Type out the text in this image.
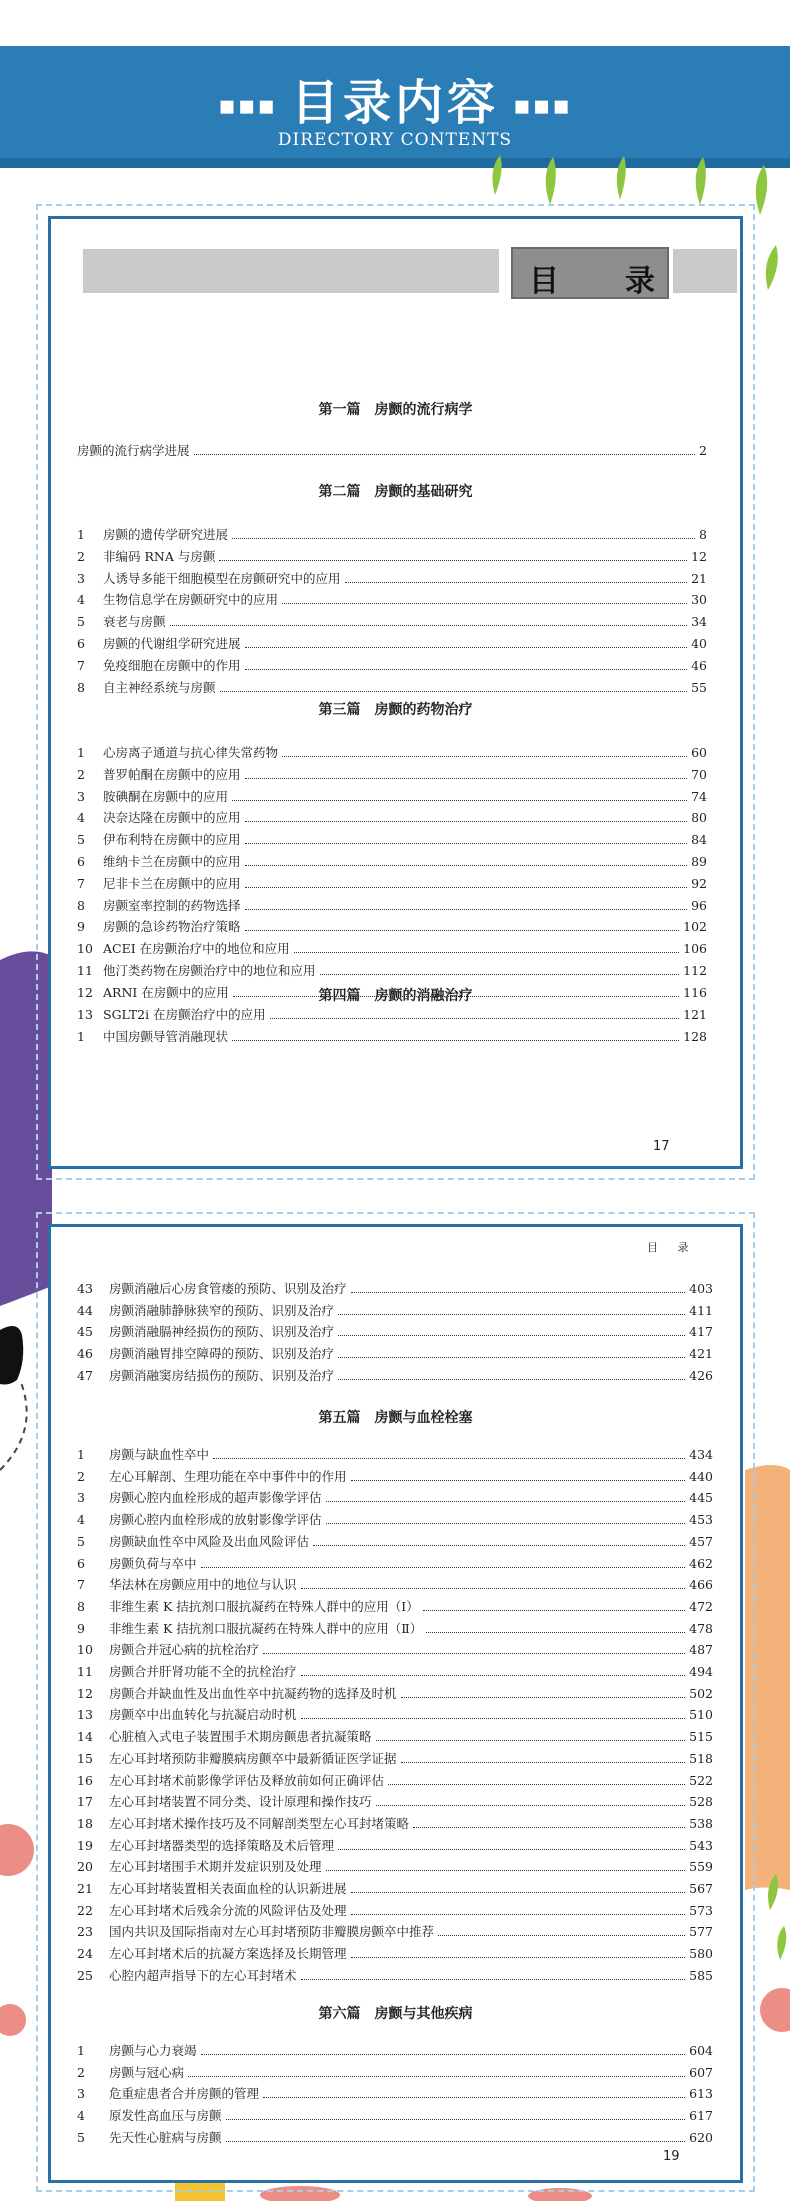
▪▪▪ 目录内容 ▪▪▪
DIRECTORY CONTENTS
目 录
第一篇　房颤的流行病学
房颤的流行病学进展	2
第二篇　房颤的基础研究
1	房颤的遗传学研究进展	8
2	非编码 RNA 与房颤	12
3	人诱导多能干细胞模型在房颤研究中的应用	21
4	生物信息学在房颤研究中的应用	30
5	衰老与房颤	34
6	房颤的代谢组学研究进展	40
7	免疫细胞在房颤中的作用	46
8	自主神经系统与房颤	55
第三篇　房颤的药物治疗
1	心房离子通道与抗心律失常药物	60
2	普罗帕酮在房颤中的应用	70
3	胺碘酮在房颤中的应用	74
4	决奈达隆在房颤中的应用	80
5	伊布利特在房颤中的应用	84
6	维纳卡兰在房颤中的应用	89
7	尼非卡兰在房颤中的应用	92
8	房颤室率控制的药物选择	96
9	房颤的急诊药物治疗策略	102
10 ACEI 在房颤治疗中的地位和应用	106
11 他汀类药物在房颤治疗中的地位和应用	112
12 ARNI 在房颤中的应用	116
13 SGLT2i 在房颤治疗中的应用	121
第四篇　房颤的消融治疗
1	中国房颤导管消融现状	128
17
目 录
43	房颤消融后心房食管瘘的预防、识别及治疗	403
44	房颤消融肺静脉狭窄的预防、识别及治疗	411
45	房颤消融膈神经损伤的预防、识别及治疗	417
46	房颤消融胃排空障碍的预防、识别及治疗	421
47	房颤消融窦房结损伤的预防、识别及治疗	426
第五篇　房颤与血栓栓塞
1	房颤与缺血性卒中	434
2	左心耳解剖、生理功能在卒中事件中的作用	440
3	房颤心腔内血栓形成的超声影像学评估	445
4	房颤心腔内血栓形成的放射影像学评估	453
5	房颤缺血性卒中风险及出血风险评估	457
6	房颤负荷与卒中	462
7	华法林在房颤应用中的地位与认识	466
8	非维生素 K 拮抗剂口服抗凝药在特殊人群中的应用（Ⅰ）	472
9	非维生素 K 拮抗剂口服抗凝药在特殊人群中的应用（Ⅱ）	478
10	房颤合并冠心病的抗栓治疗	487
11	房颤合并肝肾功能不全的抗栓治疗	494
12	房颤合并缺血性及出血性卒中抗凝药物的选择及时机	502
13	房颤卒中出血转化与抗凝启动时机	510
14	心脏植入式电子装置围手术期房颤患者抗凝策略	515
15	左心耳封堵预防非瓣膜病房颤卒中最新循证医学证据	518
16	左心耳封堵术前影像学评估及释放前如何正确评估	522
17	左心耳封堵装置不同分类、设计原理和操作技巧	528
18	左心耳封堵术操作技巧及不同解剖类型左心耳封堵策略	538
19	左心耳封堵器类型的选择策略及术后管理	543
20	左心耳封堵围手术期并发症识别及处理	559
21	左心耳封堵装置相关表面血栓的认识新进展	567
22	左心耳封堵术后残余分流的风险评估及处理	573
23	国内共识及国际指南对左心耳封堵预防非瓣膜房颤卒中推荐	577
24	左心耳封堵术后的抗凝方案选择及长期管理	580
25	心腔内超声指导下的左心耳封堵术	585
第六篇　房颤与其他疾病
1	房颤与心力衰竭	604
2	房颤与冠心病	607
3	危重症患者合并房颤的管理	613
4	原发性高血压与房颤	617
5	先天性心脏病与房颤	620
19
